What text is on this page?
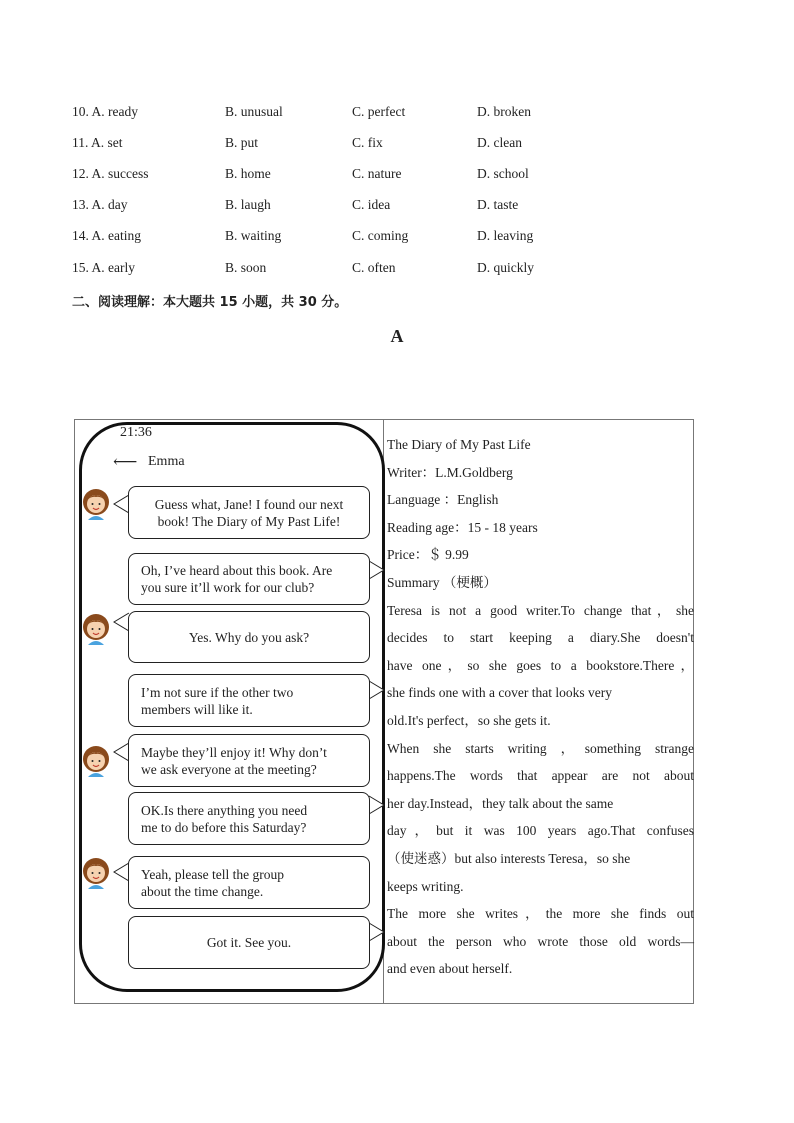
10. A. ready	B. unusual	C. perfect	D. broken
11. A. set	B. put	C. fix	D. clean
12. A. success	B. home	C. nature	D. school
13. A. day	B. laugh	C. idea	D. taste
14. A. eating	B. waiting	C. coming	D. leaving
15. A. early	B. soon	C. often	D. quickly
二、阅读理解：本大题共 15 小题，共 30 分。
A
21:36
⟵ Emma
Guess what, Jane! I found our next
book! The Diary of My Past Life!
Oh, I’ve heard about this book. Are
you sure it’ll work for our club?
Yes. Why do you ask?
I’m not sure if the other two
members will like it.
Maybe they’ll enjoy it! Why don’t
we ask everyone at the meeting?
OK.Is there anything you need
me to do before this Saturday?
Yeah, please tell the group
about the time change.
Got it. See you.
The Diary of My Past Life
Writer：L.M.Goldberg
Language ：English
Reading age：15 - 18 years
Price：＄ 9.99
Summary （梗概）
Teresa is not a good writer.To change that，she
decides to start keeping a diary.She doesn't
have one，so she goes to a bookstore.There，
she finds one with a cover that looks very
old.It's perfect，so she gets it.
When she starts writing ，something strange
happens.The words that appear are not about
her day.Instead，they talk about the same
day，but it was 100 years ago.That confuses
（使迷惑）but also interests Teresa，so she
keeps writing.
The more she writes，the more she finds out
about the person who wrote those old words—
and even about herself.
